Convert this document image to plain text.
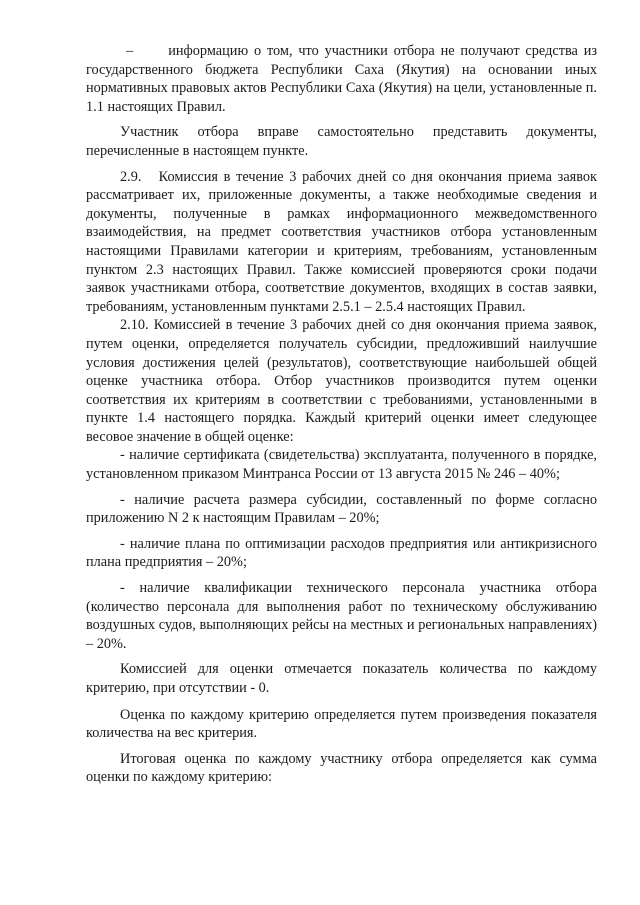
–      информацию о том, что участники отбора не получают средства из государственного бюджета Республики Саха (Якутия) на основании иных нормативных правовых актов Республики Саха (Якутия) на цели, установленные п. 1.1 настоящих Правил.

Участник отбора вправе самостоятельно представить документы, перечисленные в настоящем пункте.

2.9.   Комиссия в течение 3 рабочих дней со дня окончания приема заявок рассматривает их, приложенные документы, а также необходимые сведения и документы, полученные в рамках информационного межведомственного взаимодействия, на предмет соответствия участников отбора установленным настоящими Правилами категории и критериям, требованиям, установленным пунктом 2.3 настоящих Правил. Также комиссией проверяются сроки подачи заявок участниками отбора, соответствие документов, входящих в состав заявки, требованиям, установленным пунктами 2.5.1 – 2.5.4 настоящих Правил.

2.10. Комиссией в течение 3 рабочих дней со дня окончания приема заявок, путем оценки, определяется получатель субсидии, предложивший наилучшие условия достижения целей (результатов), соответствующие наибольшей общей оценке участника отбора. Отбор участников производится путем оценки соответствия их критериям в соответствии с требованиями, установленными в пункте 1.4 настоящего порядка. Каждый критерий оценки имеет следующее весовое значение в общей оценке:

- наличие сертификата (свидетельства) эксплуатанта, полученного в порядке, установленном приказом Минтранса России от 13 августа 2015 № 246 – 40%;

- наличие расчета размера субсидии, составленный по форме согласно приложению N 2 к настоящим Правилам – 20%;

- наличие плана по оптимизации расходов предприятия или антикризисного плана предприятия – 20%;

- наличие квалификации технического персонала участника отбора (количество персонала для выполнения работ по техническому обслуживанию воздушных судов, выполняющих рейсы на местных и региональных направлениях) – 20%.

Комиссией для оценки отмечается показатель количества по каждому критерию, при отсутствии - 0.

Оценка по каждому критерию определяется путем произведения показателя количества на вес критерия.

Итоговая оценка по каждому участнику отбора определяется как сумма оценки по каждому критерию:
